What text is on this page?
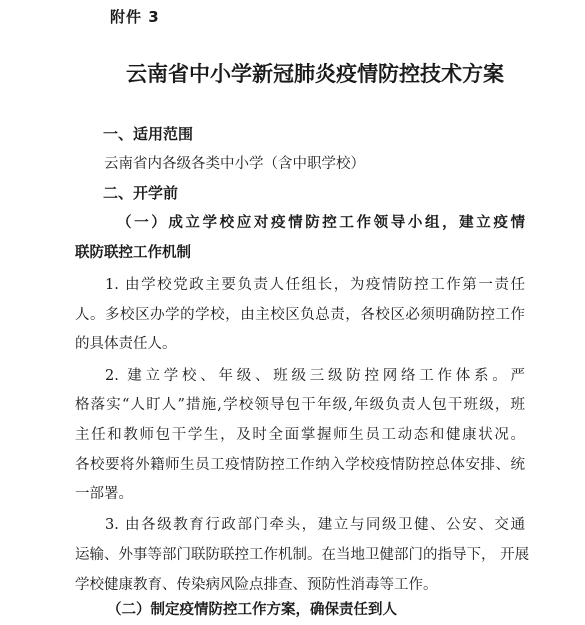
附件 3
云南省中小学新冠肺炎疫情防控技术方案
一、适用范围
云南省内各级各类中小学（含中职学校）
二、开学前
（一）成立学校应对疫情防控工作领导小组，建立疫情
联防联控工作机制
1. 由学校党政主要负责人任组长，为疫情防控工作第一责任
人。多校区办学的学校，由主校区负总责，各校区必须明确防控工作
的具体责任人。
2. 建立学校、年级、班级三级防控网络工作体系。严
格落实“人盯人”措施,学校领导包干年级,年级负责人包干班级，班
主任和教师包干学生，及时全面掌握师生员工动态和健康状况。
各校要将外籍师生员工疫情防控工作纳入学校疫情防控总体安排、统
一部署。
3. 由各级教育行政部门牵头，建立与同级卫健、公安、交通
运输、外事等部门联防联控工作机制。在当地卫健部门的指导下， 开展
学校健康教育、传染病风险点排查、预防性消毒等工作。
（二）制定疫情防控工作方案，确保责任到人
